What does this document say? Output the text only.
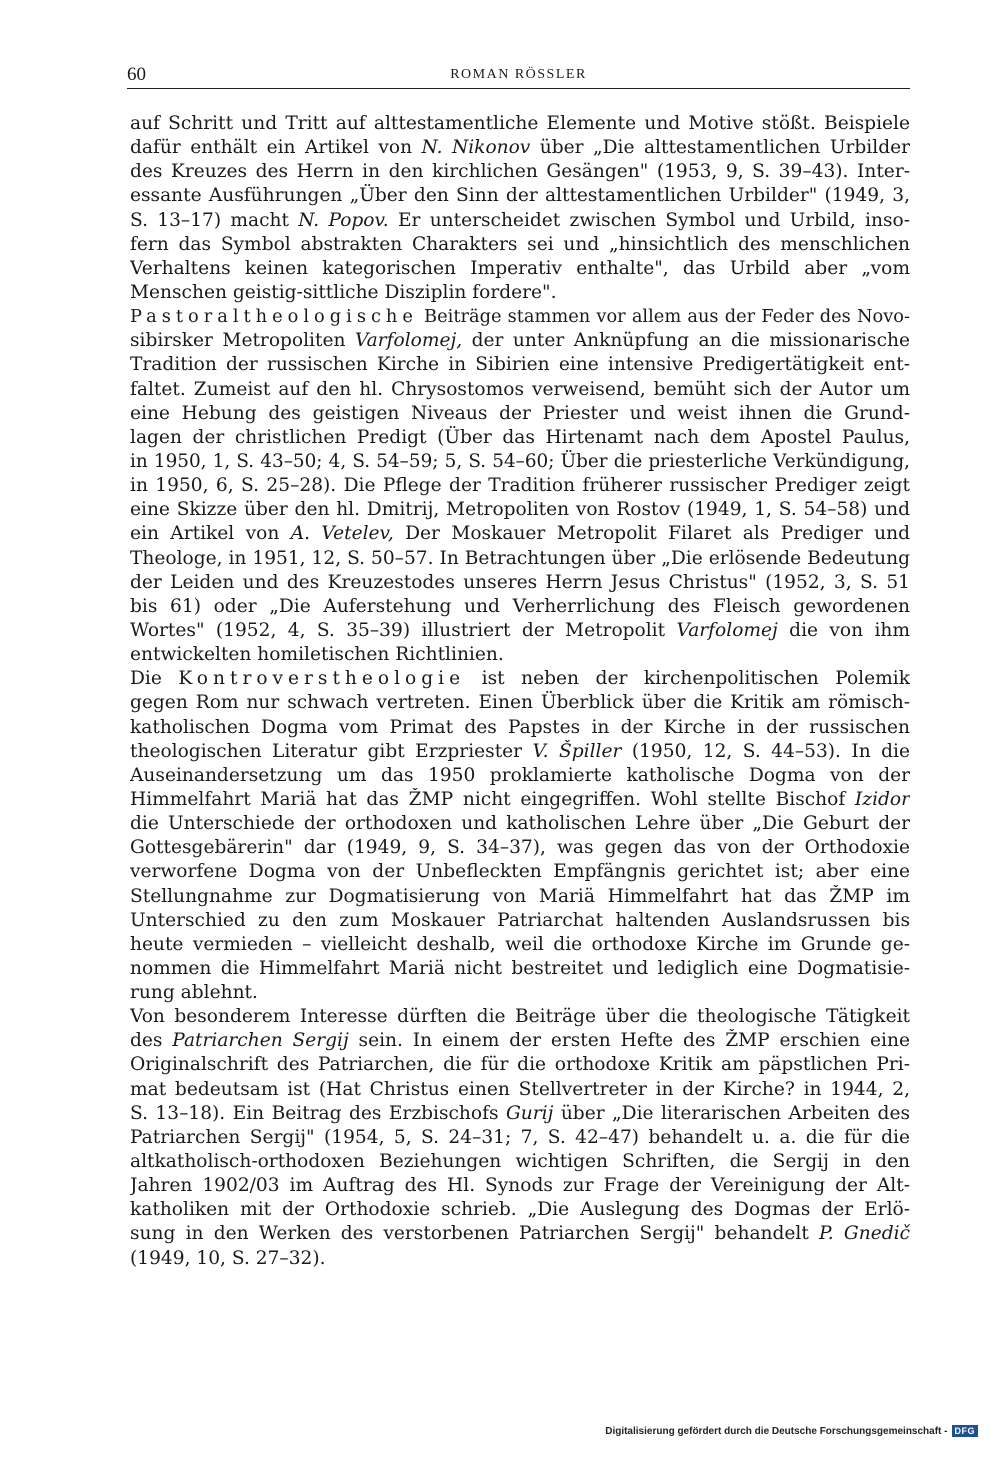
60	ROMAN RÖSSLER
auf Schritt und Tritt auf alttestamentliche Elemente und Motive stößt. Beispiele
dafür enthält ein Artikel von N. Nikonov über „Die alttestamentlichen Urbilder
des Kreuzes des Herrn in den kirchlichen Gesängen" (1953, 9, S. 39–43). Inter-
essante Ausführungen „Über den Sinn der alttestamentlichen Urbilder" (1949, 3,
S. 13–17) macht N. Popov. Er unterscheidet zwischen Symbol und Urbild, inso-
fern das Symbol abstrakten Charakters sei und „hinsichtlich des menschlichen
Verhaltens keinen kategorischen Imperativ enthalte", das Urbild aber „vom
Menschen geistig-sittliche Disziplin fordere".
Pastoraltheologische Beiträge stammen vor allem aus der Feder des Novo-
sibirsker Metropoliten Varfolomej, der unter Anknüpfung an die missionarische
Tradition der russischen Kirche in Sibirien eine intensive Predigertätigkeit ent-
faltet. Zumeist auf den hl. Chrysostomos verweisend, bemüht sich der Autor um
eine Hebung des geistigen Niveaus der Priester und weist ihnen die Grund-
lagen der christlichen Predigt (Über das Hirtenamt nach dem Apostel Paulus,
in 1950, 1, S. 43–50; 4, S. 54–59; 5, S. 54–60; Über die priesterliche Verkündigung,
in 1950, 6, S. 25–28). Die Pflege der Tradition früherer russischer Prediger zeigt
eine Skizze über den hl. Dmitrij, Metropoliten von Rostov (1949, 1, S. 54–58) und
ein Artikel von A. Vetelev, Der Moskauer Metropolit Filaret als Prediger und
Theologe, in 1951, 12, S. 50–57. In Betrachtungen über „Die erlösende Bedeutung
der Leiden und des Kreuzestodes unseres Herrn Jesus Christus" (1952, 3, S. 51
bis 61) oder „Die Auferstehung und Verherrlichung des Fleisch gewordenen
Wortes" (1952, 4, S. 35–39) illustriert der Metropolit Varfolomej die von ihm
entwickelten homiletischen Richtlinien.
Die Kontroverstheologie ist neben der kirchenpolitischen Polemik
gegen Rom nur schwach vertreten. Einen Überblick über die Kritik am römisch-
katholischen Dogma vom Primat des Papstes in der Kirche in der russischen
theologischen Literatur gibt Erzpriester V. Špiller (1950, 12, S. 44–53). In die
Auseinandersetzung um das 1950 proklamierte katholische Dogma von der
Himmelfahrt Mariä hat das ŽMP nicht eingegriffen. Wohl stellte Bischof Izidor
die Unterschiede der orthodoxen und katholischen Lehre über „Die Geburt der
Gottesgebärerin" dar (1949, 9, S. 34–37), was gegen das von der Orthodoxie
verworfene Dogma von der Unbefleckten Empfängnis gerichtet ist; aber eine
Stellungnahme zur Dogmatisierung von Mariä Himmelfahrt hat das ŽMP im
Unterschied zu den zum Moskauer Patriarchat haltenden Auslandsrussen bis
heute vermieden – vielleicht deshalb, weil die orthodoxe Kirche im Grunde ge-
nommen die Himmelfahrt Mariä nicht bestreitet und lediglich eine Dogmatisie-
rung ablehnt.
Von besonderem Interesse dürften die Beiträge über die theologische Tätigkeit
des Patriarchen Sergij sein. In einem der ersten Hefte des ŽMP erschien eine
Originalschrift des Patriarchen, die für die orthodoxe Kritik am päpstlichen Pri-
mat bedeutsam ist (Hat Christus einen Stellvertreter in der Kirche? in 1944, 2,
S. 13–18). Ein Beitrag des Erzbischofs Gurij über „Die literarischen Arbeiten des
Patriarchen Sergij" (1954, 5, S. 24–31; 7, S. 42–47) behandelt u. a. die für die
altkatholisch-orthodoxen Beziehungen wichtigen Schriften, die Sergij in den
Jahren 1902/03 im Auftrag des Hl. Synods zur Frage der Vereinigung der Alt-
katholiken mit der Orthodoxie schrieb. „Die Auslegung des Dogmas der Erlö-
sung in den Werken des verstorbenen Patriarchen Sergij" behandelt P. Gnedič
(1949, 10, S. 27–32).
Digitalisierung gefördert durch die Deutsche Forschungsgemeinschaft - DFG
